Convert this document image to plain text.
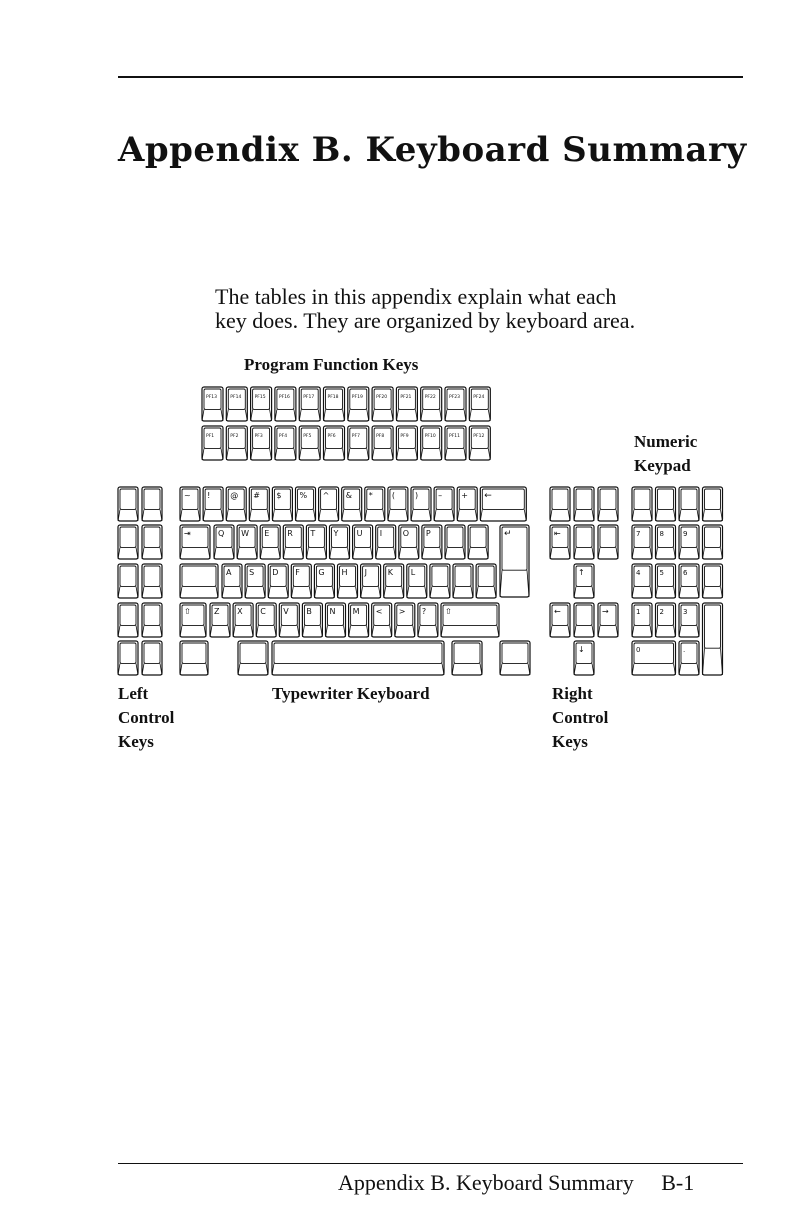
Appendix B. Keyboard Summary
The tables in this appendix explain what each
key does. They are organized by keyboard area.
Program Function Keys
Numeric
Keypad
Left
Control
Keys
Typewriter Keyboard	Right
Control
Keys
PF13	PF14	PF15	PF16	PF17	PF18	PF19	PF20	PF21	PF22	PF23	PF24
PF1	PF2	PF3	PF4	PF5	PF6	PF7	PF8	PF9	PF10	PF11	PF12
~ ! @ # $ % ^ & * ( ) – + ←
⇥	Q W E R T Y U I	O P	↵
A S D F G H J	K L
⇧	Z X C V B N M < > ? ⇧
⇤
↑
←	→
↓
7	8	9
4	5	6
1	2	3
0	.
Appendix B. Keyboard Summary B-1
